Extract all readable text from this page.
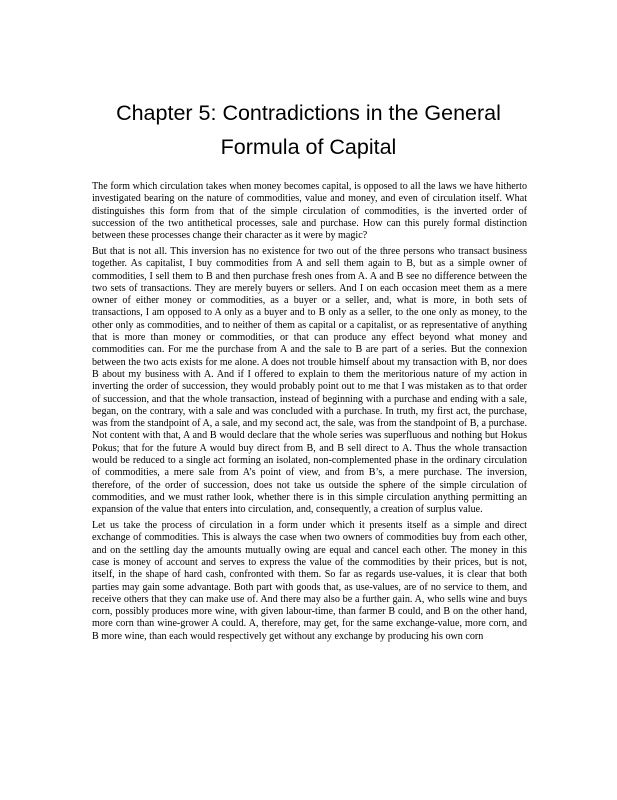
Chapter 5: Contradictions in the General
Formula of Capital

The form which circulation takes when money becomes capital, is opposed to all the laws we have hitherto investigated bearing on the nature of commodities, value and money, and even of circulation itself. What distinguishes this form from that of the simple circulation of commodities, is the inverted order of succession of the two antithetical processes, sale and purchase. How can this purely formal distinction between these processes change their character as it were by magic?

But that is not all. This inversion has no existence for two out of the three persons who transact business together. As capitalist, I buy commodities from A and sell them again to B, but as a simple owner of commodities, I sell them to B and then purchase fresh ones from A. A and B see no difference between the two sets of transactions. They are merely buyers or sellers. And I on each occasion meet them as a mere owner of either money or commodities, as a buyer or a seller, and, what is more, in both sets of transactions, I am opposed to A only as a buyer and to B only as a seller, to the one only as money, to the other only as commodities, and to neither of them as capital or a capitalist, or as representative of anything that is more than money or commodities, or that can produce any effect beyond what money and commodities can. For me the purchase from A and the sale to B are part of a series. But the connexion between the two acts exists for me alone. A does not trouble himself about my transaction with B, nor does B about my business with A. And if I offered to explain to them the meritorious nature of my action in inverting the order of succession, they would probably point out to me that I was mistaken as to that order of succession, and that the whole transaction, instead of beginning with a purchase and ending with a sale, began, on the contrary, with a sale and was concluded with a purchase. In truth, my first act, the purchase, was from the standpoint of A, a sale, and my second act, the sale, was from the standpoint of B, a purchase. Not content with that, A and B would declare that the whole series was superfluous and nothing but Hokus Pokus; that for the future A would buy direct from B, and B sell direct to A. Thus the whole transaction would be reduced to a single act forming an isolated, non-complemented phase in the ordinary circulation of commodities, a mere sale from A’s point of view, and from B’s, a mere purchase. The inversion, therefore, of the order of succession, does not take us outside the sphere of the simple circulation of commodities, and we must rather look, whether there is in this simple circulation anything permitting an expansion of the value that enters into circulation, and, consequently, a creation of surplus value.

Let us take the process of circulation in a form under which it presents itself as a simple and direct exchange of commodities. This is always the case when two owners of commodities buy from each other, and on the settling day the amounts mutually owing are equal and cancel each other. The money in this case is money of account and serves to express the value of the commodities by their prices, but is not, itself, in the shape of hard cash, confronted with them. So far as regards use-values, it is clear that both parties may gain some advantage. Both part with goods that, as use-values, are of no service to them, and receive others that they can make use of. And there may also be a further gain. A, who sells wine and buys corn, possibly produces more wine, with given labour-time, than farmer B could, and B on the other hand, more corn than wine-grower A could. A, therefore, may get, for the same exchange-value, more corn, and B more wine, than each would respectively get without any exchange by producing his own corn
